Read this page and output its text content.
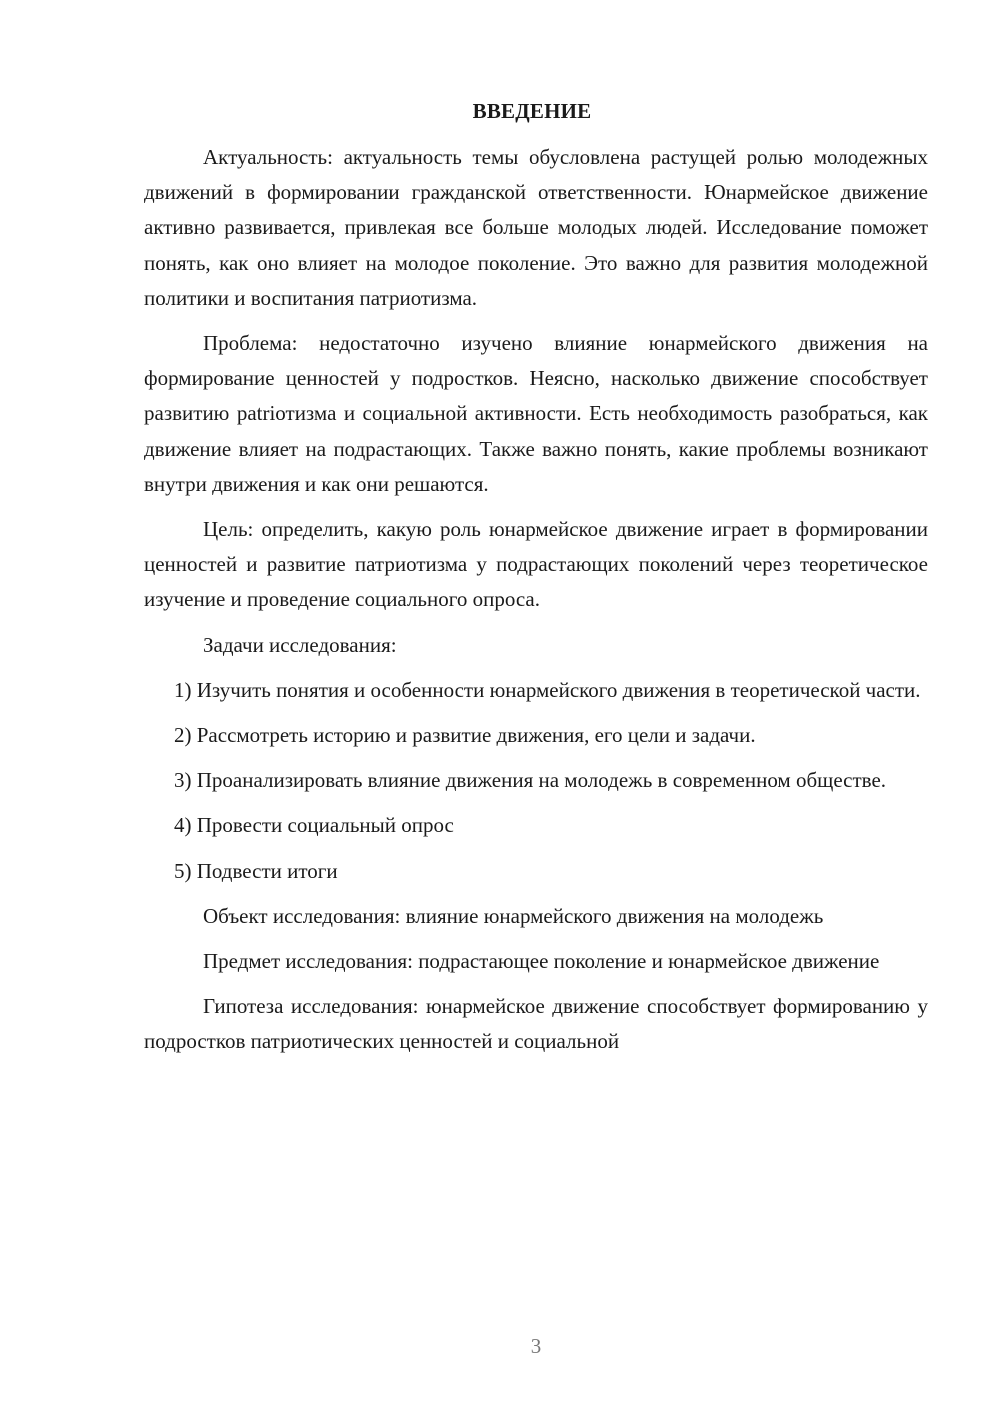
ВВЕДЕНИЕ

Актуальность: актуальность темы обусловлена растущей ролью молодежных движений в формировании гражданской ответственности. Юнармейское движение активно развивается, привлекая все больше молодых людей. Исследование поможет понять, как оно влияет на молодое поколение. Это важно для развития молодежной политики и воспитания патриотизма.

Проблема: недостаточно изучено влияние юнармейского движения на формирование ценностей у подростков. Неясно, насколько движение способствует развитию patriотизма и социальной активности. Есть необходимость разобраться, как движение влияет на подрастающих. Также важно понять, какие проблемы возникают внутри движения и как они решаются.

Цель: определить, какую роль юнармейское движение играет в формировании ценностей и развитие патриотизма у подрастающих поколений через теоретическое изучение и проведение социального опроса.

Задачи исследования:

1) Изучить понятия и особенности юнармейского движения в теоретической части.

2) Рассмотреть историю и развитие движения, его цели и задачи.

3) Проанализировать влияние движения на молодежь в современном обществе.

4) Провести социальный опрос

5) Подвести итоги

Объект исследования: влияние юнармейского движения на молодежь

Предмет исследования: подрастающее поколение и юнармейское движение

Гипотеза исследования: юнармейское движение способствует формированию у подростков патриотических ценностей и социальной

3
